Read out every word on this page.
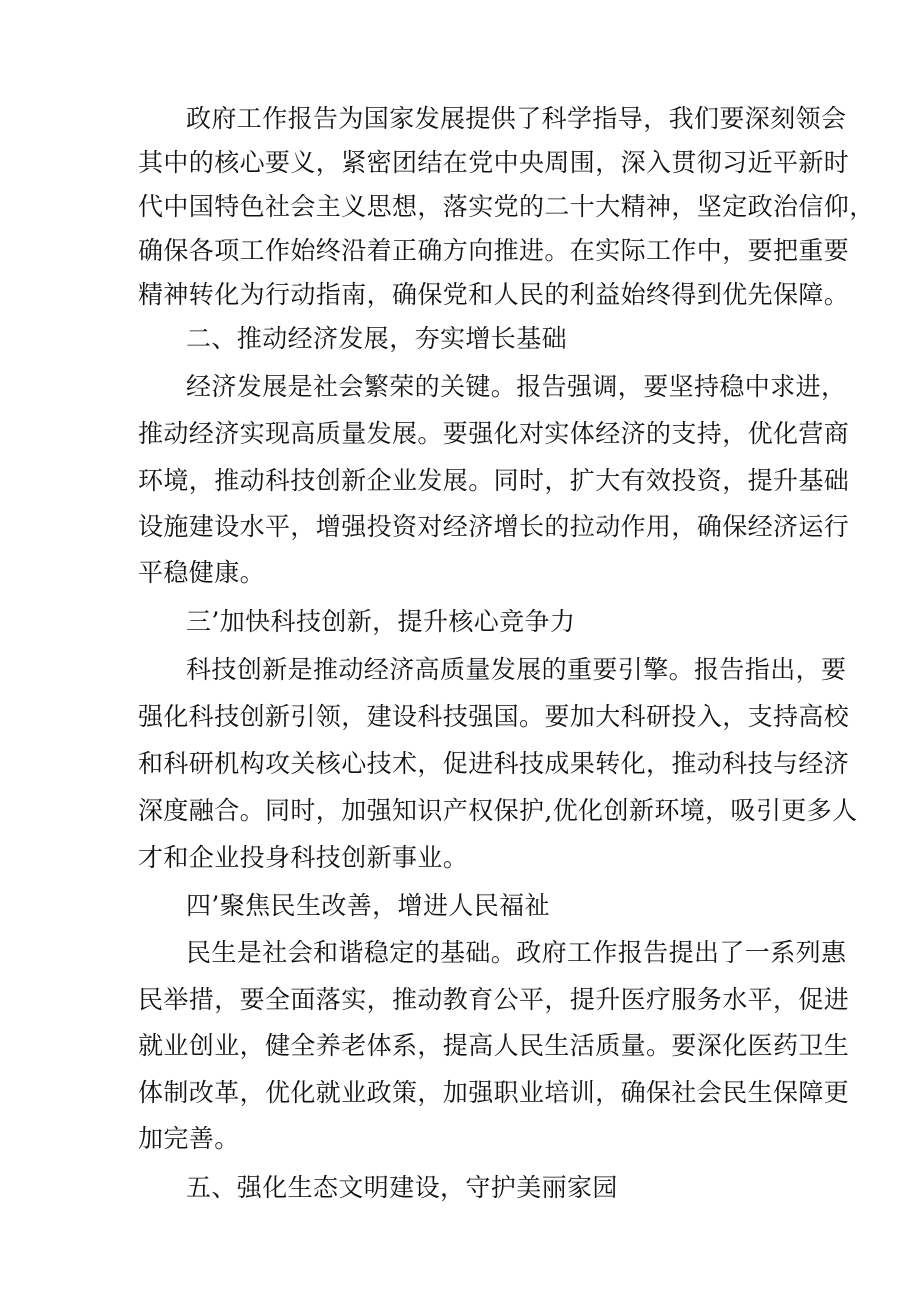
政府工作报告为国家发展提供了科学指导，我们要深刻领会
其中的核心要义，紧密团结在党中央周围，深入贯彻习近平新时
代中国特色社会主义思想，落实党的二十大精神，坚定政治信仰，
确保各项工作始终沿着正确方向推进。在实际工作中，要把重要
精神转化为行动指南，确保党和人民的利益始终得到优先保障。
二、推动经济发展，夯实增长基础
经济发展是社会繁荣的关键。报告强调，要坚持稳中求进，
推动经济实现高质量发展。要强化对实体经济的支持，优化营商
环境，推动科技创新企业发展。同时，扩大有效投资，提升基础
设施建设水平，增强投资对经济增长的拉动作用，确保经济运行
平稳健康。
三’加快科技创新，提升核心竞争力
科技创新是推动经济高质量发展的重要引擎。报告指出，要
强化科技创新引领，建设科技强国。要加大科研投入，支持高校
和科研机构攻关核心技术，促进科技成果转化，推动科技与经济
深度融合。同时，加强知识产权保护,优化创新环境，吸引更多人
才和企业投身科技创新事业。
四’聚焦民生改善，增进人民福祉
民生是社会和谐稳定的基础。政府工作报告提出了一系列惠
民举措，要全面落实，推动教育公平，提升医疗服务水平，促进
就业创业，健全养老体系，提高人民生活质量。要深化医药卫生
体制改革，优化就业政策，加强职业培训，确保社会民生保障更
加完善。
五、强化生态文明建设，守护美丽家园
